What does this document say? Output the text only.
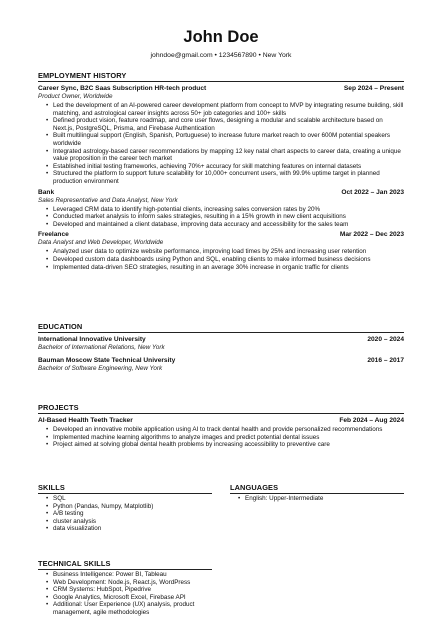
John Doe
johndoe@gmail.com • 1234567890 • New York
EMPLOYMENT HISTORY
Career Sync, B2C Saas Subscription HR-tech product	Sep 2024 – Present
Product Owner, Worldwide
• Led the development of an AI-powered career development platform from concept to MVP by integrating resume building, skill matching, and astrological career insights across 50+ job categories and 100+ skills
• Defined product vision, feature roadmap, and core user flows, designing a modular and scalable architecture based on Next.js, PostgreSQL, Prisma, and Firebase Authentication
• Built multilingual support (English, Spanish, Portuguese) to increase future market reach to over 600M potential speakers worldwide
• Integrated astrology-based career recommendations by mapping 12 key natal chart aspects to career data, creating a unique value proposition in the career tech market
• Established initial testing frameworks, achieving 70%+ accuracy for skill matching features on internal datasets
• Structured the platform to support future scalability for 10,000+ concurrent users, with 99.9% uptime target in planned production environment
Bank	Oct 2022 – Jan 2023
Sales Representative and Data Analyst, New York
• Leveraged CRM data to identify high-potential clients, increasing sales conversion rates by 20%
• Conducted market analysis to inform sales strategies, resulting in a 15% growth in new client acquisitions
• Developed and maintained a client database, improving data accuracy and accessibility for the sales team
Freelance	Mar 2022 – Dec 2023
Data Analyst and Web Developer, Worldwide
• Analyzed user data to optimize website performance, improving load times by 25% and increasing user retention
• Developed custom data dashboards using Python and SQL, enabling clients to make informed business decisions
• Implemented data-driven SEO strategies, resulting in an average 30% increase in organic traffic for clients
EDUCATION
International Innovative University	2020 – 2024
Bachelor of International Relations, New York
Bauman Moscow State Technical University	2016 – 2017
Bachelor of Software Engineering, New York
PROJECTS
AI-Based Health Teeth Tracker	Feb 2024 – Aug 2024
• Developed an innovative mobile application using AI to track dental health and provide personalized recommendations
• Implemented machine learning algorithms to analyze images and predict potential dental issues
• Project aimed at solving global dental health problems by increasing accessibility to preventive care
SKILLS
• SQL
• Python (Pandas, Numpy, Matplotlib)
• A/B testing
• cluster analysis
• data visualization
LANGUAGES
• English: Upper-Intermediate
TECHNICAL SKILLS
• Business Intelligence: Power BI, Tableau
• Web Development: Node.js, React.js, WordPress
• CRM Systems: HubSpot, Pipedrive
• Google Analytics, Microsoft Excel, Firebase API
• Additional: User Experience (UX) analysis, product management, agile methodologies
